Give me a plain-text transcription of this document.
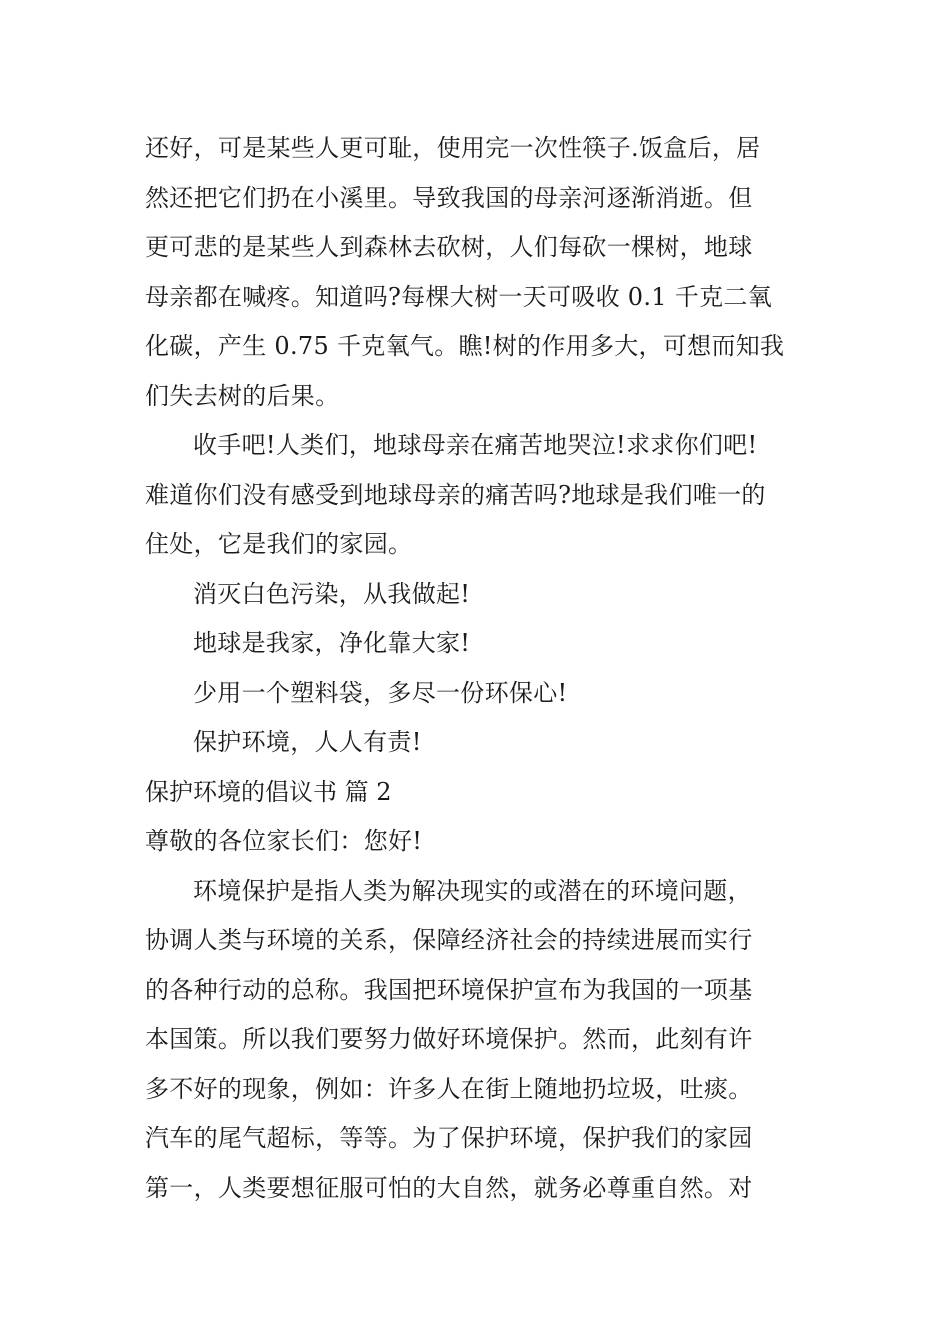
还好，可是某些人更可耻，使用完一次性筷子.饭盒后，居
然还把它们扔在小溪里。导致我国的母亲河逐渐消逝。但
更可悲的是某些人到森林去砍树，人们每砍一棵树，地球
母亲都在喊疼。知道吗?每棵大树一天可吸收 0.1 千克二氧
化碳，产生 0.75 千克氧气。瞧!树的作用多大，可想而知我
们失去树的后果。
收手吧!人类们，地球母亲在痛苦地哭泣!求求你们吧!
难道你们没有感受到地球母亲的痛苦吗?地球是我们唯一的
住处，它是我们的家园。
消灭白色污染，从我做起!
地球是我家，净化靠大家!
少用一个塑料袋，多尽一份环保心!
保护环境，人人有责!
保护环境的倡议书 篇 2
尊敬的各位家长们：您好!
环境保护是指人类为解决现实的或潜在的环境问题，
协调人类与环境的关系，保障经济社会的持续进展而实行
的各种行动的总称。我国把环境保护宣布为我国的一项基
本国策。所以我们要努力做好环境保护。然而，此刻有许
多不好的现象，例如：许多人在街上随地扔垃圾，吐痰。
汽车的尾气超标，等等。为了保护环境，保护我们的家园
第一，人类要想征服可怕的大自然，就务必尊重自然。对
